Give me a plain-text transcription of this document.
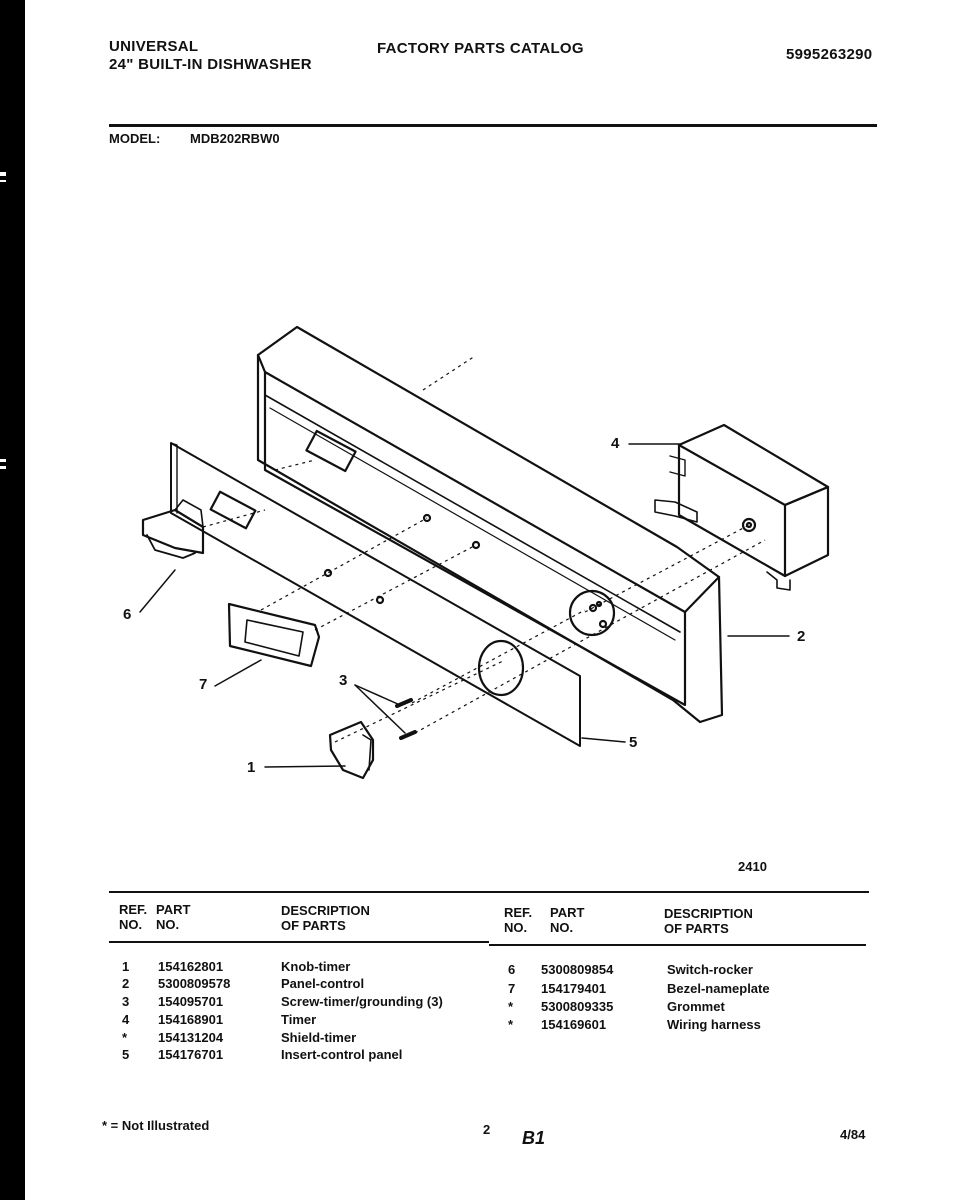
UNIVERSAL
24" BUILT-IN DISHWASHER
FACTORY PARTS CATALOG	5995263290
MODEL: MDB202RBW0
1
2
3
4
5
6
7
2410
REF.
NO.
PART
NO.
DESCRIPTION
OF PARTS
REF.
NO.
PART
NO.
DESCRIPTION
OF PARTS
1 154162801	Knob-timer
2 5300809578	Panel-control
3 154095701	Screw-timer/grounding (3)
4 154168901	Timer
* 154131204	Shield-timer
5 154176701	Insert-control panel
6 5300809854	Switch-rocker
7 154179401	Bezel-nameplate
* 5300809335	Grommet
* 154169601	Wiring harness
* = Not Illustrated	2 B1	4/84
